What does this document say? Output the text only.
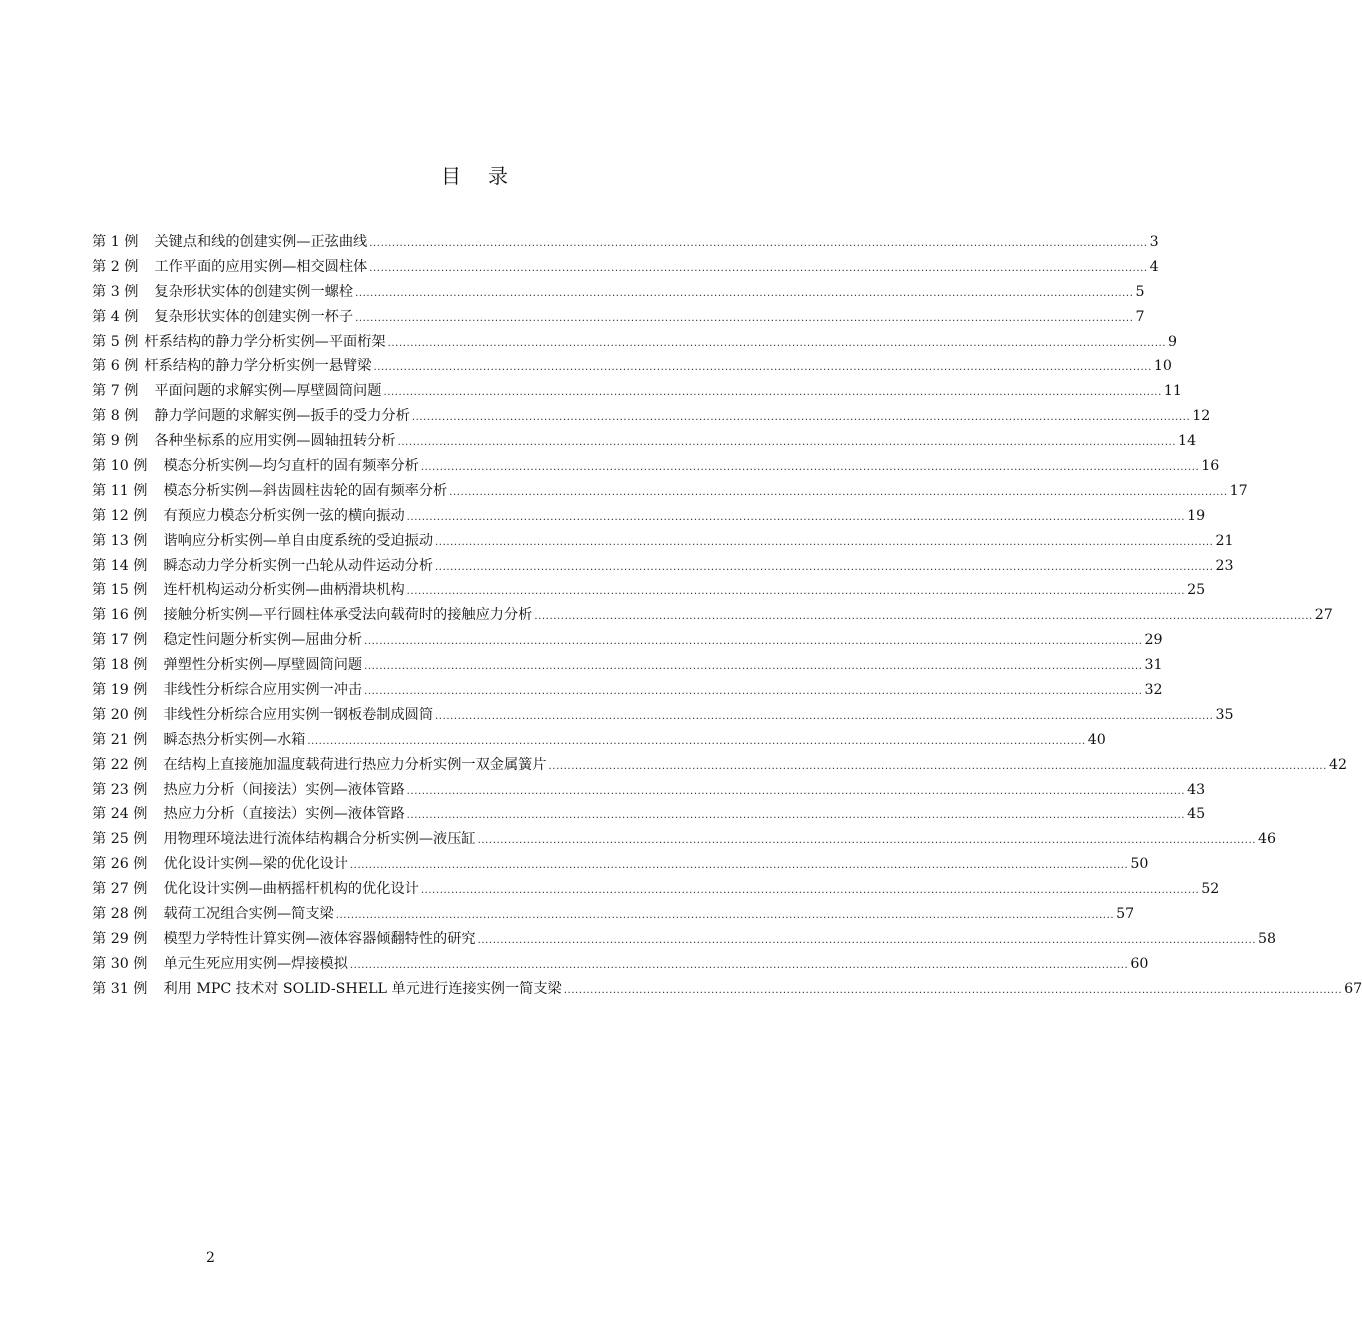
目 录
第 1 例 关键点和线的创建实例—正弦曲线 .....	3
第 2 例 工作平面的应用实例—相交圆柱体 .....	4
第 3 例 复杂形状实体的创建实例一螺栓 .....	5
第 4 例 复杂形状实体的创建实例一杯子 .....	7
第 5 例 杆系结构的静力学分析实例—平面桁架 .....	9
第 6 例 杆系结构的静力学分析实例一悬臂梁 .....	10
第 7 例 平面问题的求解实例—厚壁圆筒问题 .....	11
第 8 例 静力学问题的求解实例—扳手的受力分析 .....	12
第 9 例 各种坐标系的应用实例—圆轴扭转分析 .....	14
第 10 例 模态分析实例—均匀直杆的固有频率分析 .....	16
第 11 例 模态分析实例—斜齿圆柱齿轮的固有频率分析 .....	17
第 12 例 有预应力模态分析实例一弦的横向振动 .....	19
第 13 例 谐响应分析实例—单自由度系统的受迫振动 .....	21
第 14 例 瞬态动力学分析实例一凸轮从动件运动分析 .....	23
第 15 例 连杆机构运动分析实例—曲柄滑块机构 .....	25
第 16 例 接触分析实例—平行圆柱体承受法向载荷时的接触应力分析 .....	27
第 17 例 稳定性问题分析实例—屈曲分析 .....	29
第 18 例 弹塑性分析实例—厚壁圆筒问题 .....	31
第 19 例 非线性分析综合应用实例一冲击 .....	32
第 20 例 非线性分析综合应用实例一钢板卷制成圆筒 .....	35
第 21 例 瞬态热分析实例—水箱 .....	40
第 22 例 在结构上直接施加温度载荷进行热应力分析实例一双金属簧片 .....	42
第 23 例 热应力分析（间接法）实例—液体管路 .....	43
第 24 例 热应力分析（直接法）实例—液体管路 .....	45
第 25 例 用物理环境法进行流体结构耦合分析实例—液压缸 .....	46
第 26 例 优化设计实例—梁的优化设计 .....	50
第 27 例 优化设计实例—曲柄摇杆机构的优化设计 .....	52
第 28 例 载荷工况组合实例—简支梁 .....	57
第 29 例 模型力学特性计算实例—液体容器倾翻特性的研究 .....	58
第 30 例 单元生死应用实例—焊接模拟 .....	60
第 31 例 利用 MPC 技术对 SOLID-SHELL 单元进行连接实例一简支梁 .....	67
2
